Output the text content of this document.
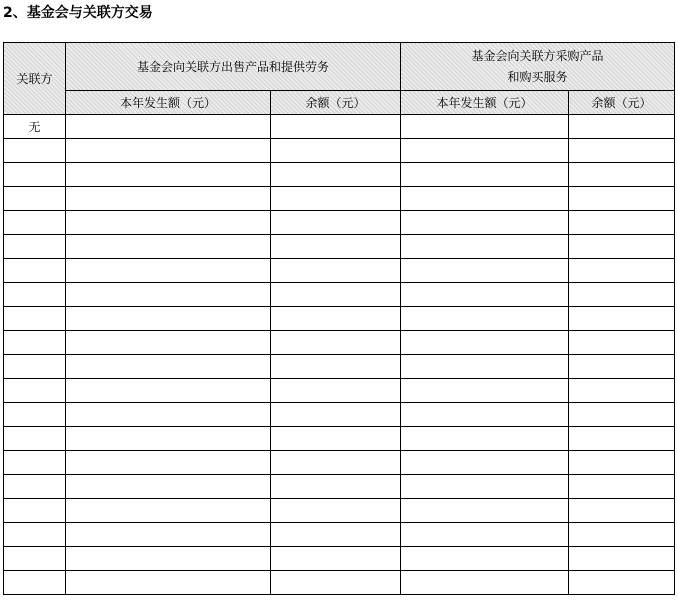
2、基金会与关联方交易
关联方	基金会向关联方出售产品和提供劳务		基金会向关联方采购产品
和购买服务	
	本年发生额（元）	余额（元）	本年发生额（元）	余额（元）
无				
